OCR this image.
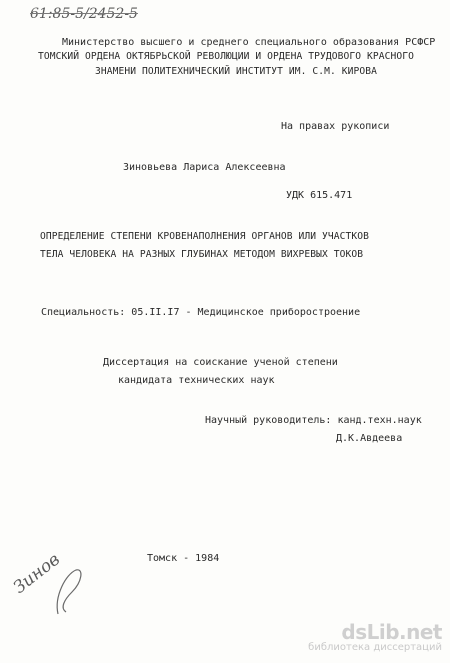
61:85-5/2452-5
Министерство высшего и среднего специального образования РСФСР
ТОМСКИЙ ОРДЕНА ОКТЯБРЬСКОЙ РЕВОЛЮЦИИ И ОРДЕНА ТРУДОВОГО КРАСНОГО
ЗНАМЕНИ ПОЛИТЕХНИЧЕСКИЙ ИНСТИТУТ ИМ. С.М. КИРОВА
На правах рукописи
Зиновьева Лариса Алексеевна
УДК 615.471
ОПРЕДЕЛЕНИЕ СТЕПЕНИ КРОВЕНАПОЛНЕНИЯ ОРГАНОВ ИЛИ УЧАСТКОВ
ТЕЛА ЧЕЛОВЕКА НА РАЗНЫХ ГЛУБИНАХ МЕТОДОМ ВИХРЕВЫХ ТОКОВ
Специальность: 05.II.I7 - Медицинское приборостроение
Диссертация на соискание ученой степени
кандидата технических наук
Научный руководитель: канд.техн.наук
Д.К.Авдеева
Томск - 1984
Зинов
dsLib.net
библиотека диссертаций
